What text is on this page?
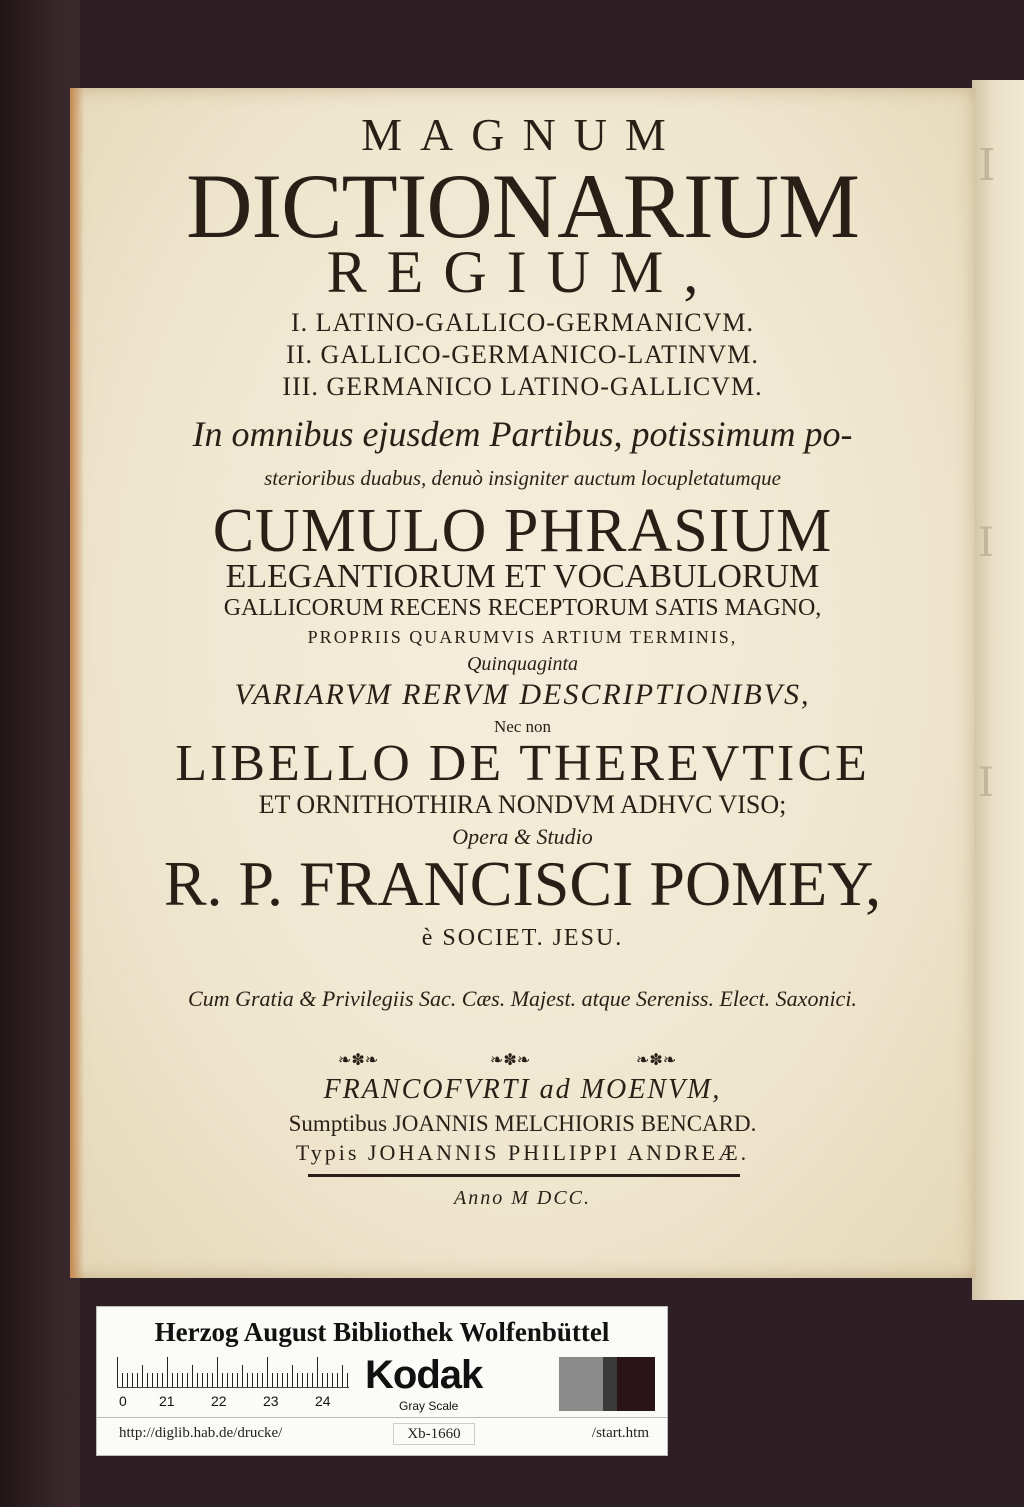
I
I
I
MAGNUM
DICTIONARIUM
REGIUM,
I. LATINO-GALLICO-GERMANICVM.
II. GALLICO-GERMANICO-LATINVM.
III. GERMANICO LATINO-GALLICVM.
In omnibus ejusdem Partibus, potissimum po-
sterioribus duabus, denuò insigniter auctum locupletatumque
CUMULO PHRASIUM
ELEGANTIORUM ET VOCABULORUM
GALLICORUM RECENS RECEPTORUM SATIS MAGNO,
PROPRIIS QUARUMVIS ARTIUM TERMINIS,
Quinquaginta
VARIARVM RERVM DESCRIPTIONIBVS,
Nec non
LIBELLO DE THEREVTICE
ET ORNITHOTHIRA NONDVM ADHVC VISO;
Opera & Studio
R. P. FRANCISCI POMEY,
è SOCIET. JESU.
Cum Gratia & Privilegiis Sac. Cæs. Majest. atque Sereniss. Elect. Saxonici.
❧✽❧	❧✽❧	❧✽❧
FRANCOFVRTI ad MOENVM,
Sumptibus JOANNIS MELCHIORIS BENCARD.
Typis JOHANNIS PHILIPPI ANDREÆ.
Anno M DCC.
Herzog August Bibliothek Wolfenbüttel
0 21	22	23	24
Kodak
Gray Scale
http://diglib.hab.de/drucke/	Xb-1660	/start.htm
